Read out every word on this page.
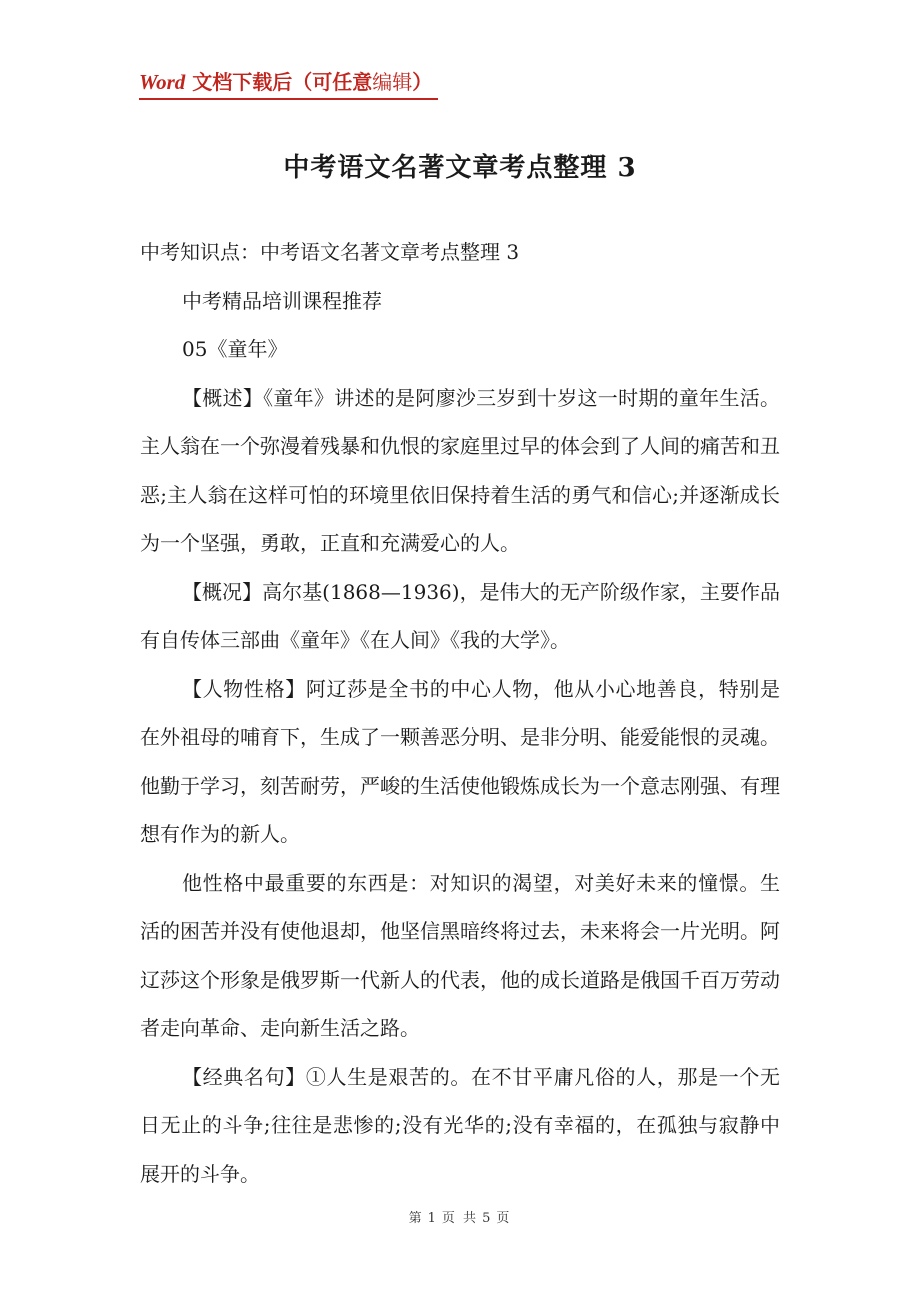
Word 文档下载后（可任意编辑）
中考语文名著文章考点整理 3

中考知识点：中考语文名著文章考点整理 3

中考精品培训课程推荐

05《童年》

【概述】《童年》讲述的是阿廖沙三岁到十岁这一时期的童年生活。主人翁在一个弥漫着残暴和仇恨的家庭里过早的体会到了人间的痛苦和丑恶;主人翁在这样可怕的环境里依旧保持着生活的勇气和信心;并逐渐成长为一个坚强，勇敢，正直和充满爱心的人。

【概况】高尔基(1868—1936)，是伟大的无产阶级作家，主要作品有自传体三部曲《童年》《在人间》《我的大学》。

【人物性格】阿辽莎是全书的中心人物，他从小心地善良，特别是在外祖母的哺育下，生成了一颗善恶分明、是非分明、能爱能恨的灵魂。他勤于学习，刻苦耐劳，严峻的生活使他锻炼成长为一个意志刚强、有理想有作为的新人。

他性格中最重要的东西是：对知识的渴望，对美好未来的憧憬。生活的困苦并没有使他退却，他坚信黑暗终将过去，未来将会一片光明。阿辽莎这个形象是俄罗斯一代新人的代表，他的成长道路是俄国千百万劳动者走向革命、走向新生活之路。

【经典名句】①人生是艰苦的。在不甘平庸凡俗的人，那是一个无日无止的斗争;往往是悲惨的;没有光华的;没有幸福的，在孤独与寂静中展开的斗争。

第 1 页 共 5 页
